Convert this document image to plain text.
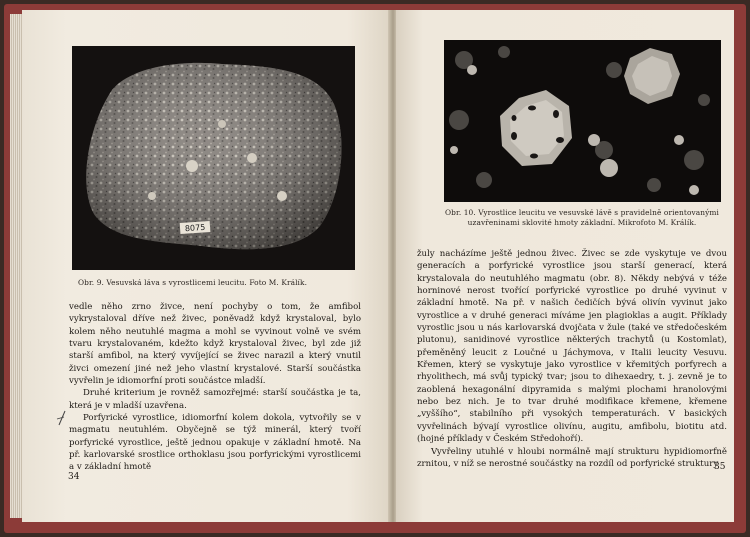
8075
Obr. 9. Vesuvská láva s vyrostlicemi leucitu. Foto M. Králík.

vedle něho zrno živce, není pochyby o tom, že amfibol vykrystaloval dříve než živec, poněvadž když krystaloval, bylo kolem něho neutuhlé magma a mohl se vyvinout volně ve svém tvaru krystalovaném, kdežto když krystaloval živec, byl zde již starší amfibol, na který vyvíjející se živec narazil a který vnutil živci omezení jiné než jeho vlastní krystalové. Starší součástka vyvřelin je idiomorfní proti součástce mladší.

Druhé kriterium je rovněž samozřejmé: starší součástka je ta, která je v mladší uzavřena.

Porfyrické vyrostlice, idiomorfní kolem dokola, vytvořily se v magmatu neutuhlém. Obyčejně se týž minerál, který tvoří porfyrické vyrostlice, ještě jednou opakuje v základní hmotě. Na př. karlovarské srostlice orthoklasu jsou porfyrickými vyrostlicemi a v základní hmotě

34
Obr. 10. Vyrostlice leucitu ve vesuvské lávě s pravidelně orientovanými uzavřeninami sklovité hmoty základní. Mikrofoto M. Králík.

žuly nacházíme ještě jednou živec. Živec se zde vyskytuje ve dvou generacích a porfyrické vyrostlice jsou starší generací, která krystalovala do neutuhlého magmatu (obr. 8). Někdy nebývá v téže horninové nerost tvořící porfyrické vyrostlice po druhé vyvinut v základní hmotě. Na př. v našich čedičích bývá olivín vyvinut jako vyrostlice a v druhé generaci míváme jen plagioklas a augit. Příklady vyrostlic jsou u nás karlovarská dvojčata v žule (také ve středočeském plutonu), sanidinové vyrostlice některých trachytů (u Kostomlat), přeměněný leucit z Loučné u Jáchymova, v Italii leucity Vesuvu. Křemen, který se vyskytuje jako vyrostlice v křemitých porfyrech a rhyolithech, má svůj typický tvar; jsou to dihexaedry, t. j. zevně je to zaoblená hexagonální dipyramida s malými plochami hranolovými nebo bez nich. Je to tvar druhé modifikace křemene, křemene „vyššího“, stabilního při vysokých temperaturách. V basických vyvřelinách bývají vyrostlice olivínu, augitu, amfibolu, biotitu atd. (hojné příklady v Českém Středohoří).

Vyvřeliny utuhlé v hloubi normálně mají strukturu hypidiomorfně zrnitou, v níž se nerostné součástky na rozdíl od porfyrické struktury

35
